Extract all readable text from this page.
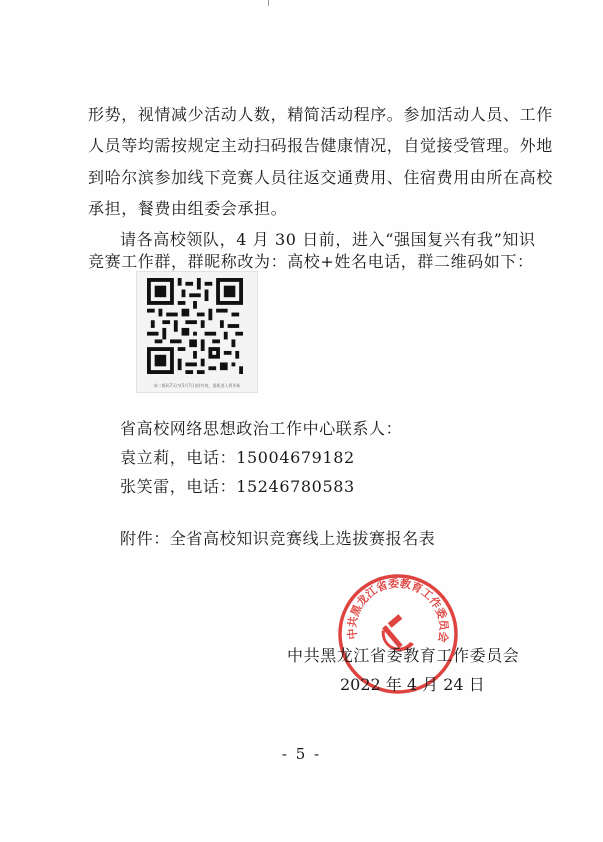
形势，视情减少活动人数，精简活动程序。参加活动人员、工作
人员等均需按规定主动扫码报告健康情况，自觉接受管理。外地
到哈尔滨参加线下竞赛人员往返交通费用、住宿费用由所在高校
承担，餐费由组委会承担。
请各高校领队，4 月 30 日前，进入“强国复兴有我”知识
竞赛工作群，群昵称改为：高校+姓名电话，群二维码如下：
该二维码7天内(5月7日前)有效，重新进入将更新
省高校网络思想政治工作中心联系人：
袁立莉，电话：15004679182
张笑雷，电话：15246780583
附件：全省高校知识竞赛线上选拔赛报名表
中共黑龙江省委教育工作委员会
中共黑龙江省委教育工作委员会
2022 年 4 月 24 日
- 5 -
